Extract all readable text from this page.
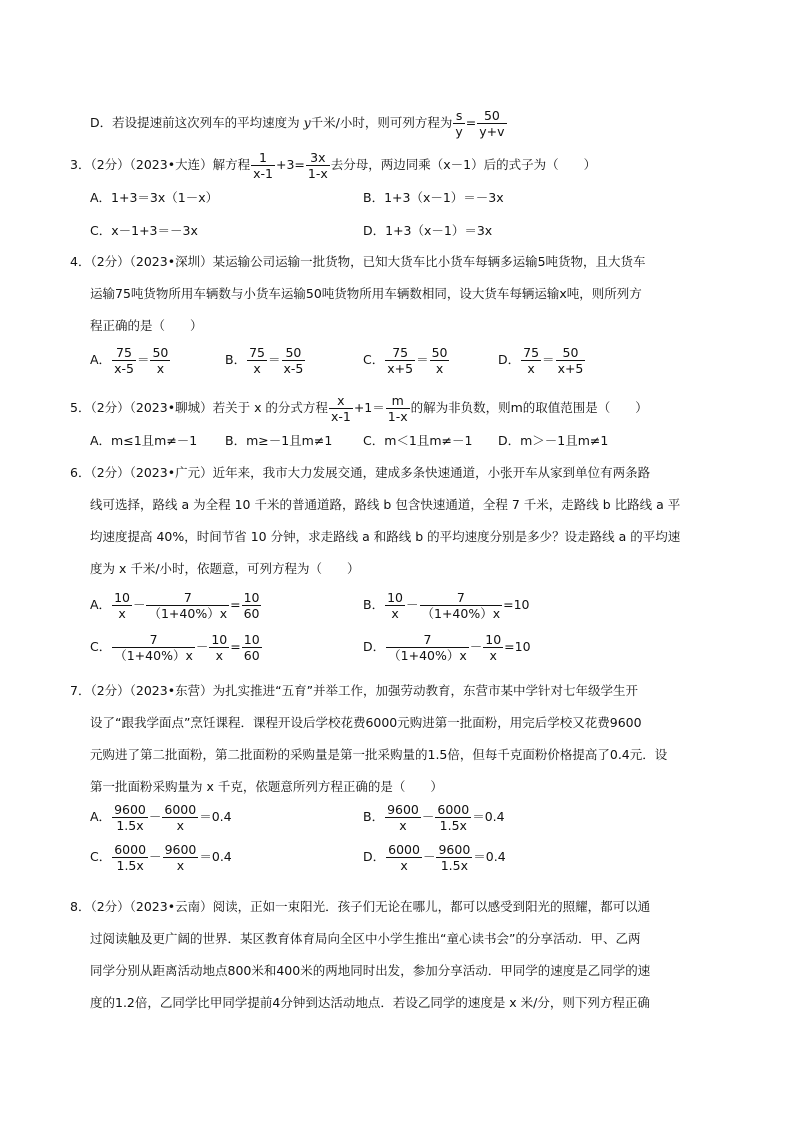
D．若设提速前这次列车的平均速度为 y千米/小时，则可列方程为 $\frac{s}{y} = \frac{50}{y+v}$
3．（2分）（2023•大连）解方程 $\frac{1}{x-1} +3= \frac{3x}{1-x}$ 去分母，两边同乘（x－1）后的式子为（　　）
A．1+3＝3x（1－x）	B．1+3（x－1）＝－3x
C．x－1+3＝－3x	D．1+3（x－1）＝3x
4．（2分）（2023•深圳）某运输公司运输一批货物，已知大货车比小货车每辆多运输5吨货物，且大货车
运输75吨货物所用车辆数与小货车运输50吨货物所用车辆数相同，设大货车每辆运输x吨，则所列方
程正确的是（　　）
A． $\frac{75}{x-5} = \frac{50}{x}$	B． $\frac{75}{x} = \frac{50}{x-5}$	C． $\frac{75}{x+5} = \frac{50}{x}$	D． $\frac{75}{x} = \frac{50}{x+5}$
5．（2分）（2023•聊城）若关于 x 的分式方程 $\frac{x}{x-1} +1= \frac{m}{1-x}$ 的解为非负数，则m的取值范围是（　　）
A．m≤1且m≠－1 B．m≥－1且m≠1 C．m＜1且m≠－1 D．m＞－1且m≠1
6．（2分）（2023•广元）近年来，我市大力发展交通，建成多条快速通道，小张开车从家到单位有两条路
线可选择，路线 a 为全程 10 千米的普通道路，路线 b 包含快速通道，全程 7 千米，走路线 b 比路线 a 平
均速度提高 40%，时间节省 10 分钟，求走路线 a 和路线 b 的平均速度分别是多少？设走路线 a 的平均速
度为 x 千米/小时，依题意，可列方程为（　　）
A． $\frac{10}{x} - \frac{7}{(1+40\%)x} = \frac{10}{60}$	B． $\frac{10}{x} - \frac{7}{(1+40\%)x} =10$
C． $\frac{7}{(1+40\%)x} - \frac{10}{x} = \frac{10}{60}$	D． $\frac{7}{(1+40\%)x} - \frac{10}{x} =10$
7．（2分）（2023•东营）为扎实推进“五育”并举工作，加强劳动教育，东营市某中学针对七年级学生开
设了“跟我学面点”烹饪课程．课程开设后学校花费6000元购进第一批面粉，用完后学校又花费9600
元购进了第二批面粉，第二批面粉的采购量是第一批采购量的1.5倍，但每千克面粉价格提高了0.4元．设
第一批面粉采购量为 x 千克，依题意所列方程正确的是（　　）
A． $\frac{9600}{1.5x} - \frac{6000}{x} =0.4$	B． $\frac{9600}{x} - \frac{6000}{1.5x} =0.4$
C． $\frac{6000}{1.5x} - \frac{9600}{x} =0.4$	D． $\frac{6000}{x} - \frac{9600}{1.5x} =0.4$
8．（2分）（2023•云南）阅读，正如一束阳光．孩子们无论在哪儿，都可以感受到阳光的照耀，都可以通
过阅读触及更广阔的世界．某区教育体育局向全区中小学生推出“童心读书会”的分享活动．甲、乙两
同学分别从距离活动地点800米和400米的两地同时出发，参加分享活动．甲同学的速度是乙同学的速
度的1.2倍，乙同学比甲同学提前4分钟到达活动地点．若设乙同学的速度是 x 米/分，则下列方程正确
